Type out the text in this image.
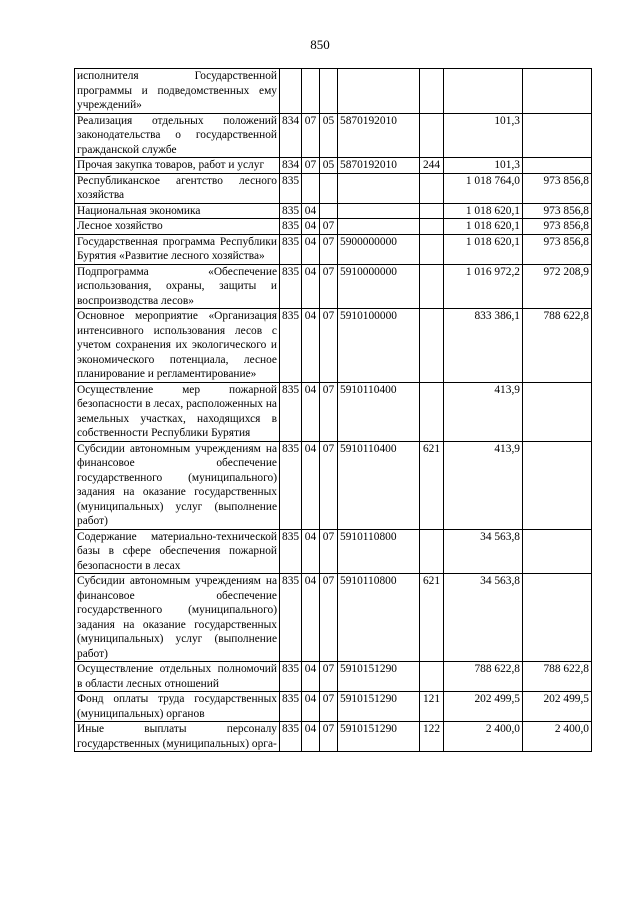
850
исполнителя Государственной программы и подведомственных ему учреждений»							
Реализация отдельных положений законодательства о государственной гражданской службе	834	07	05	5870192010		101,3	
Прочая закупка товаров, работ и услуг	834	07	05	5870192010	244	101,3	
Республиканское агентство лесного хозяйства	835					1 018 764,0	973 856,8
Национальная экономика	835	04				1 018 620,1	973 856,8
Лесное хозяйство	835	04	07			1 018 620,1	973 856,8
Государственная программа Республики Бурятия «Развитие лесного хозяйства»	835	04	07	5900000000		1 018 620,1	973 856,8
Подпрограмма «Обеспечение использования, охраны, защиты и воспроизводства лесов»	835	04	07	5910000000		1 016 972,2	972 208,9
Основное мероприятие «Организация интенсивного использования лесов с учетом сохранения их экологического и экономического потенциала, лесное планирование и регламентирование»	835	04	07	5910100000		833 386,1	788 622,8
Осуществление мер пожарной безопасности в лесах, расположенных на земельных участках, находящихся в собственности Республики Бурятия	835	04	07	5910110400		413,9	
Субсидии автономным учреждениям на финансовое обеспечение государственного (муниципального) задания на оказание государственных (муниципальных) услуг (выполнение работ)	835	04	07	5910110400	621	413,9	
Содержание материально-технической базы в сфере обеспечения пожарной безопасности в лесах	835	04	07	5910110800		34 563,8	
Субсидии автономным учреждениям на финансовое обеспечение государственного (муниципального) задания на оказание государственных (муниципальных) услуг (выполнение работ)	835	04	07	5910110800	621	34 563,8	
Осуществление отдельных полномочий в области лесных отношений	835	04	07	5910151290		788 622,8	788 622,8
Фонд оплаты труда государственных (муниципальных) органов	835	04	07	5910151290	121	202 499,5	202 499,5
Иные выплаты персоналу государственных (муниципальных) орга-	835	04	07	5910151290	122	2 400,0	2 400,0
